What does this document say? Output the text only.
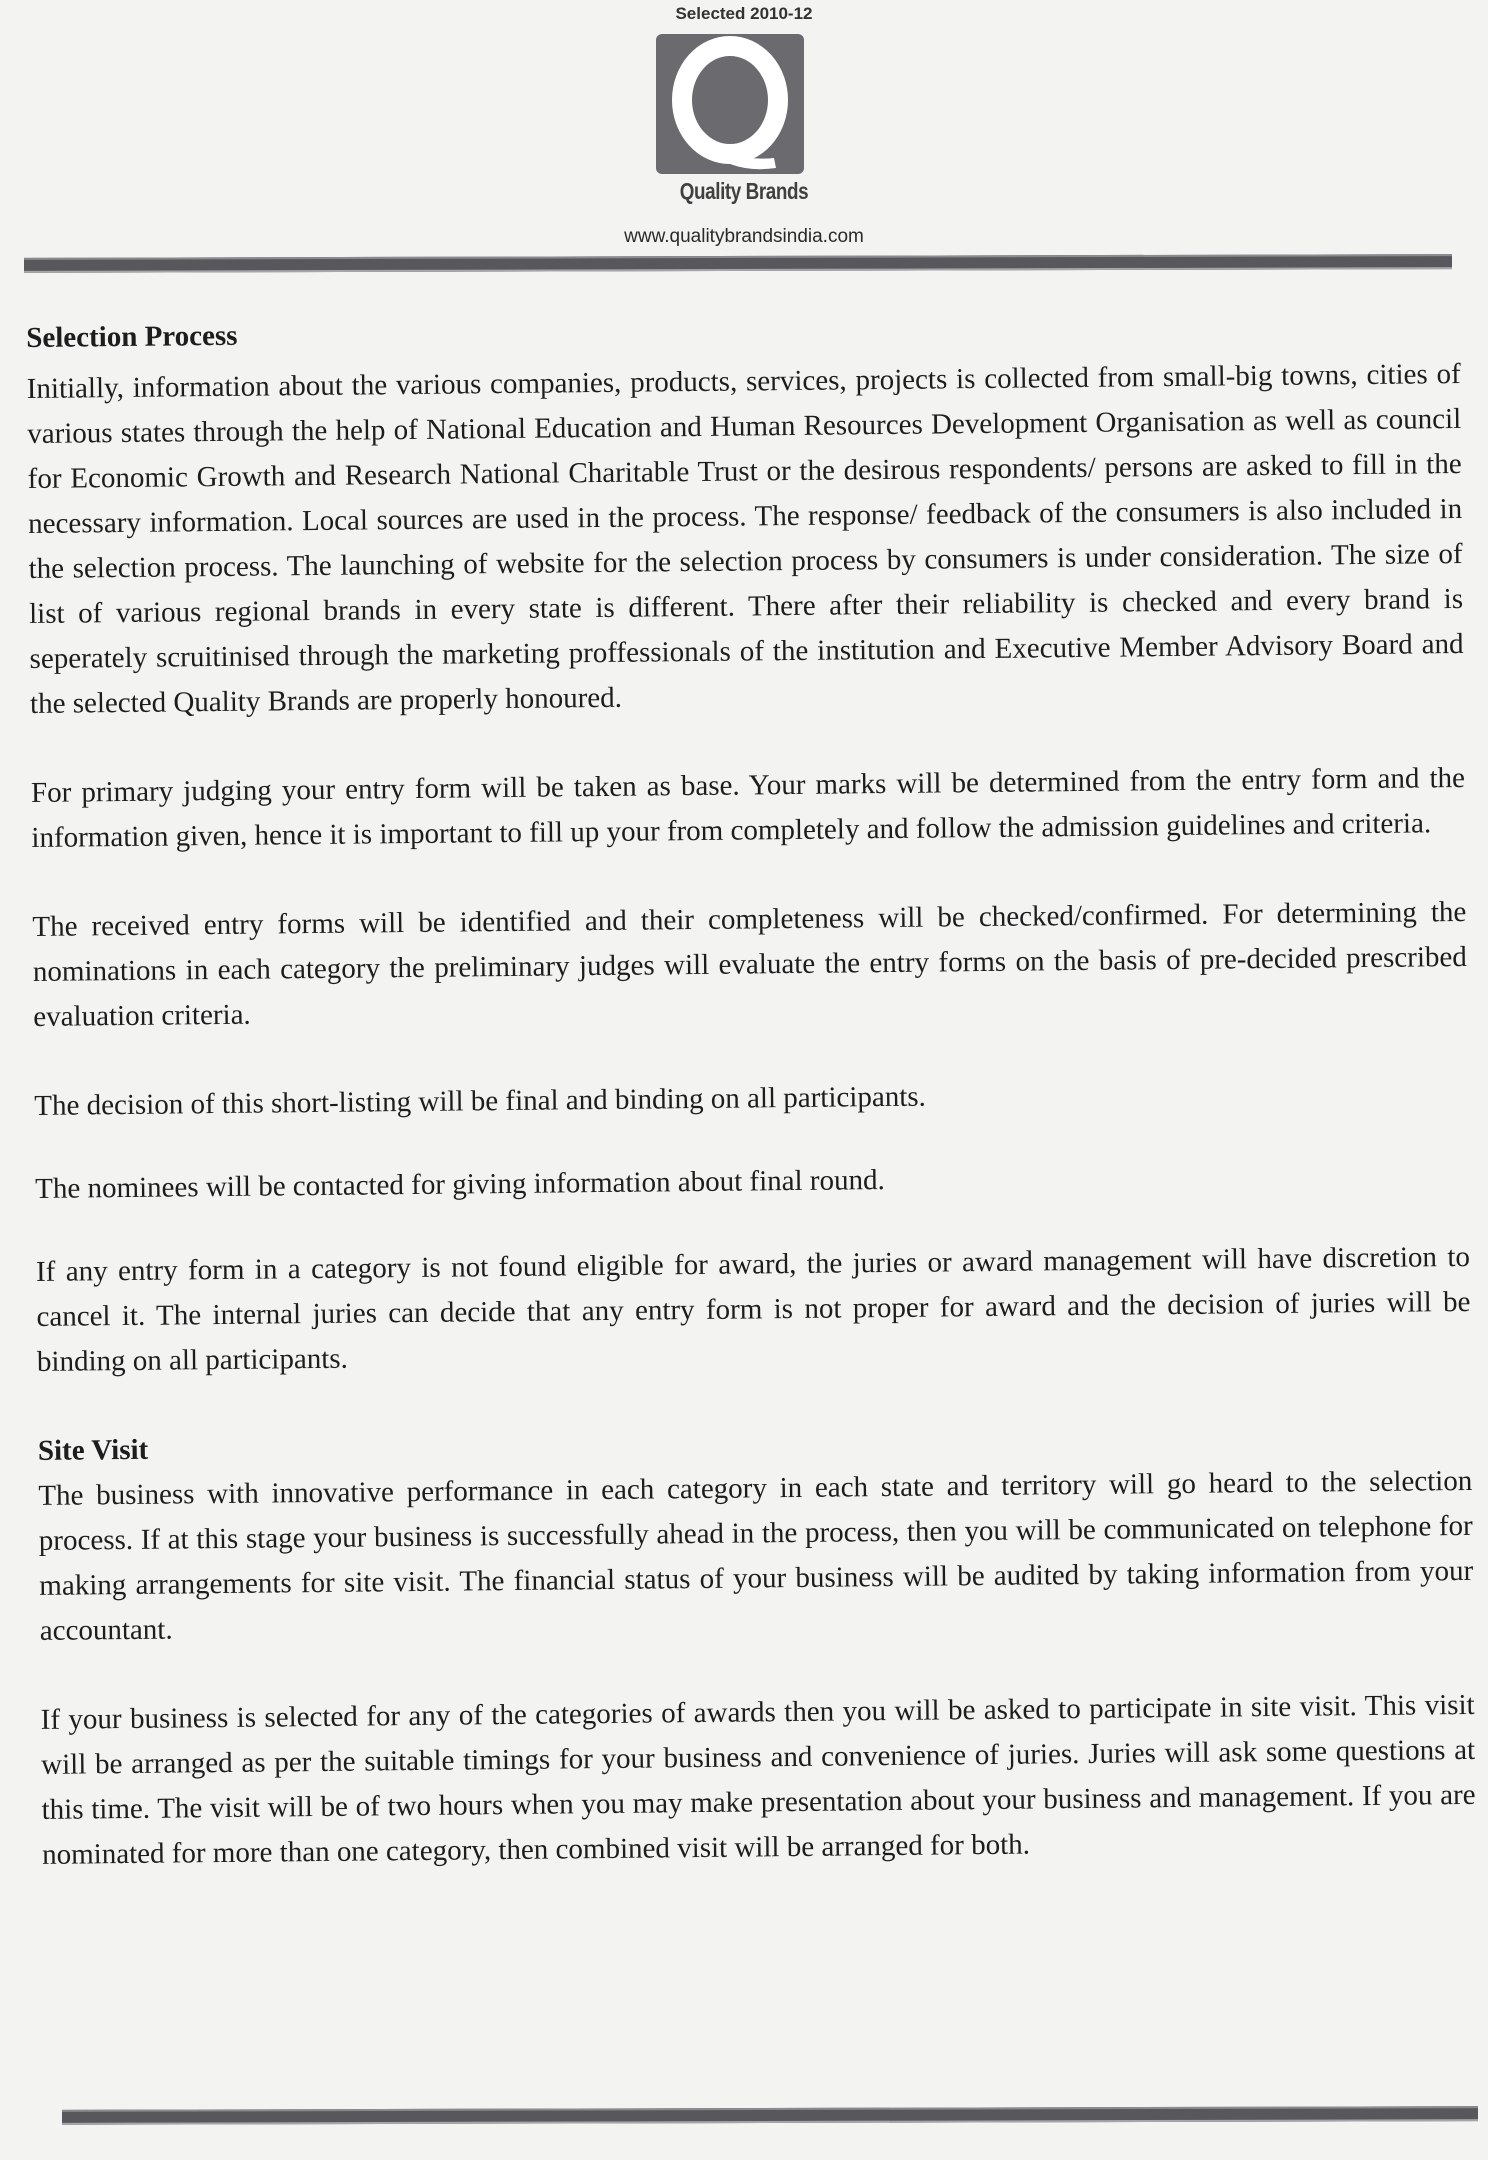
Selected 2010-12
Quality Brands
www.qualitybrandsindia.com
Selection Process

Initially, information about the various companies, products, services, projects is collected from small-big towns, cities of various states through the help of National Education and Human Resources Development Organisation as well as council for Economic Growth and Research National Charitable Trust or the desirous respondents/ persons are asked to fill in the necessary information. Local sources are used in the process. The response/ feedback of the consumers is also included in the selection process. The launching of website for the selection process by consumers is under consideration. The size of list of various regional brands in every state is different. There after their reliability is checked and every brand is seperately scruitinised through the marketing proffessionals of the institution and Executive Member Advisory Board and the selected Quality Brands are properly honoured.

For primary judging your entry form will be taken as base. Your marks will be determined from the entry form and the information given, hence it is important to fill up your from completely and follow the admission guidelines and criteria.

The received entry forms will be identified and their completeness will be checked/confirmed. For determining the nominations in each category the preliminary judges will evaluate the entry forms on the basis of pre-decided prescribed evaluation criteria.

The decision of this short-listing will be final and binding on all participants.

The nominees will be contacted for giving information about final round.

If any entry form in a category is not found eligible for award, the juries or award management will have discretion to cancel it. The internal juries can decide that any entry form is not proper for award and the decision of juries will be binding on all participants.

Site Visit

The business with innovative performance in each category in each state and territory will go heard to the selection process. If at this stage your business is successfully ahead in the process, then you will be communicated on telephone for making arrangements for site visit. The financial status of your business will be audited by taking information from your accountant.

If your business is selected for any of the categories of awards then you will be asked to participate in site visit. This visit will be arranged as per the suitable timings for your business and convenience of juries. Juries will ask some questions at this time. The visit will be of two hours when you may make presentation about your business and management. If you are nominated for more than one category, then combined visit will be arranged for both.
